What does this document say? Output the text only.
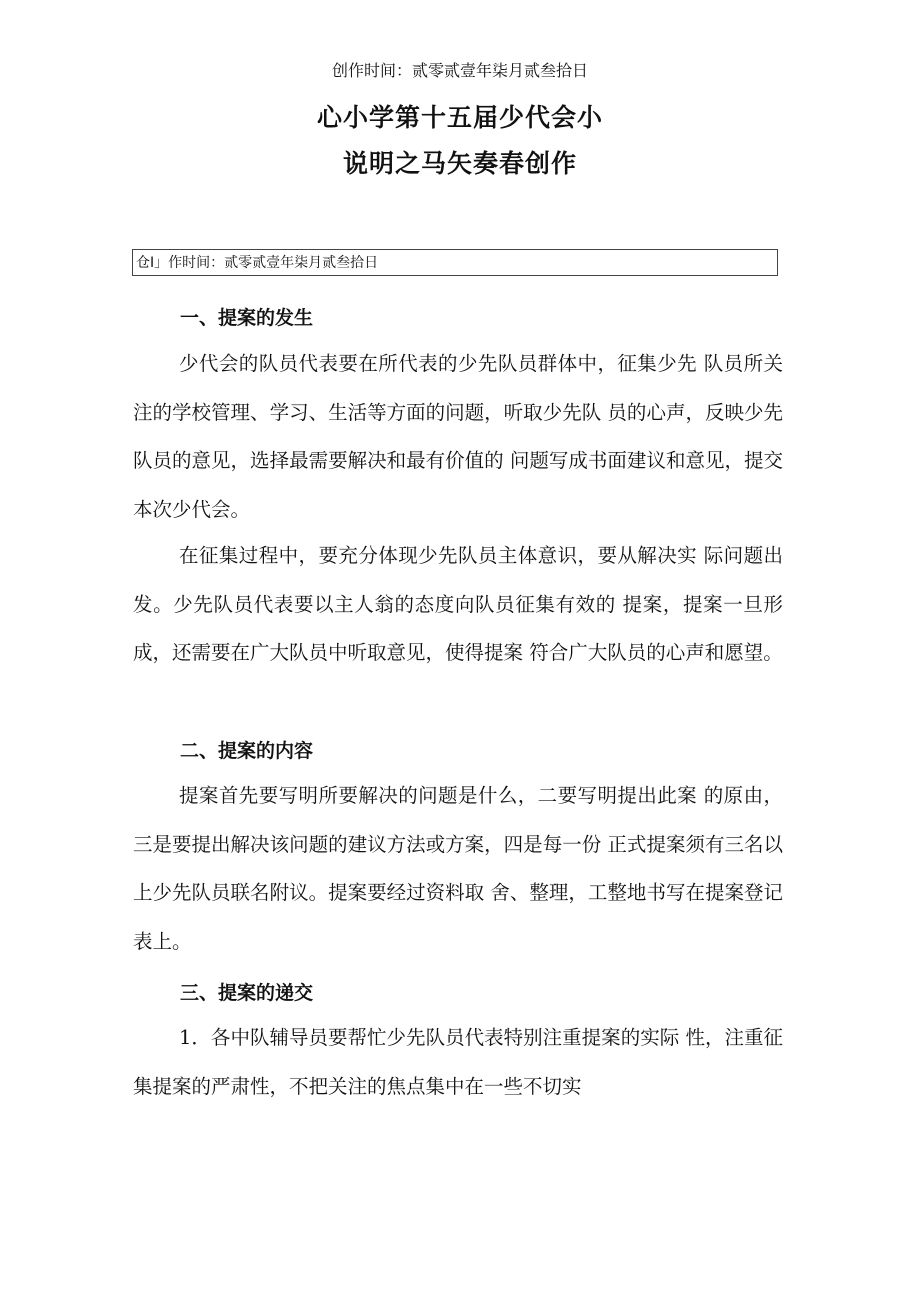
创作时间：贰零贰壹年柒月贰叁拾日
心小学第十五届少代会小
说明之马矢奏春创作
仓I」作时间：贰零贰壹年柒月贰叁拾日
一、提案的发生

少代会的队员代表要在所代表的少先队员群体中，征集少先 队员所关注的学校管理、学习、生活等方面的问题，听取少先队 员的心声，反映少先队员的意见，选择最需要解决和最有价值的 问题写成书面建议和意见，提交本次少代会。

在征集过程中，要充分体现少先队员主体意识，要从解决实 际问题出发。少先队员代表要以主人翁的态度向队员征集有效的 提案，提案一旦形成，还需要在广大队员中听取意见，使得提案 符合广大队员的心声和愿望。

二、提案的内容

提案首先要写明所要解决的问题是什么，二要写明提出此案 的原由，三是要提出解决该问题的建议方法或方案，四是每一份 正式提案须有三名以上少先队员联名附议。提案要经过资料取 舍、整理，工整地书写在提案登记表上。

三、提案的递交

1．各中队辅导员要帮忙少先队员代表特别注重提案的实际 性，注重征集提案的严肃性，不把关注的焦点集中在一些不切实
